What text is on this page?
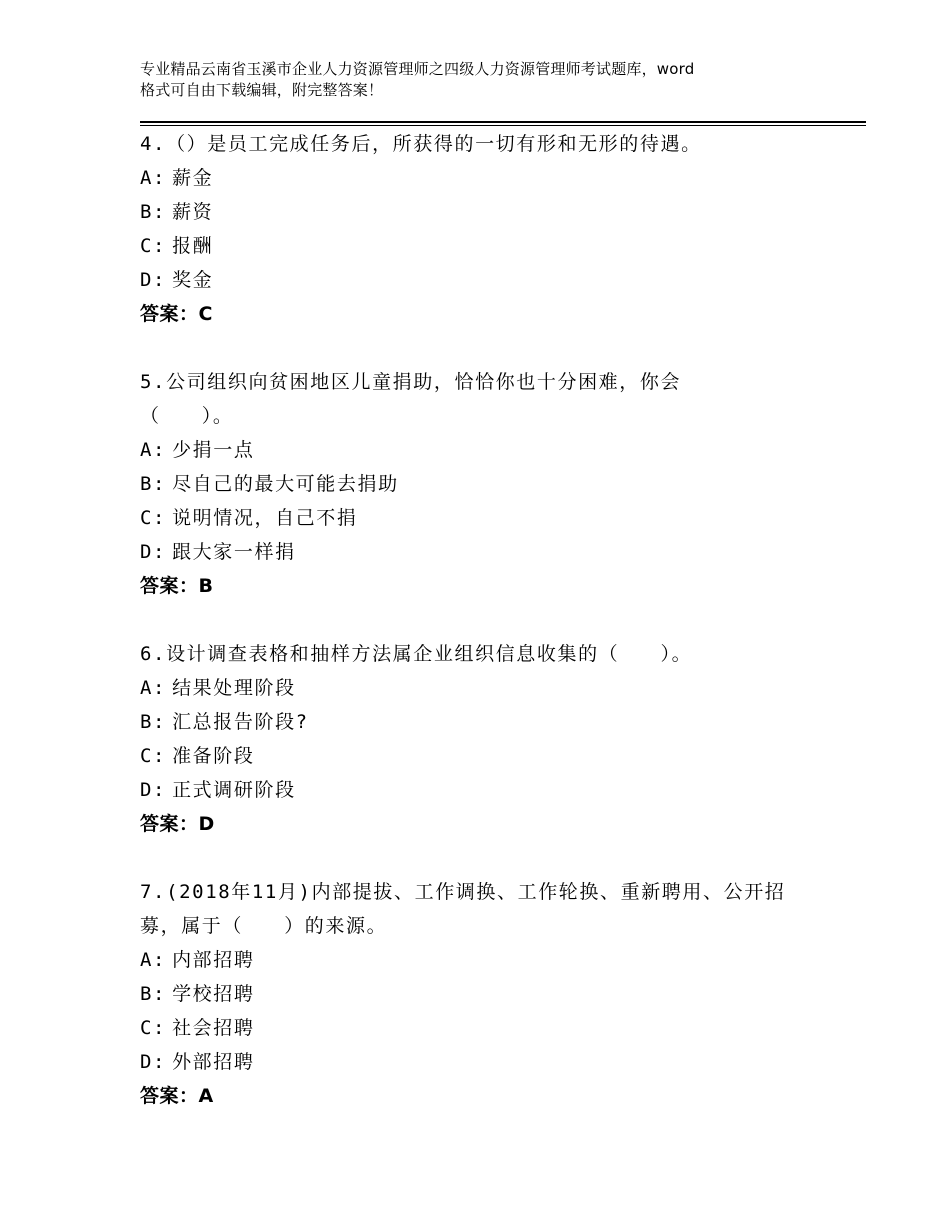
专业精品云南省玉溪市企业人力资源管理师之四级人力资源管理师考试题库，word
格式可自由下载编辑，附完整答案！
4.（）是员工完成任务后，所获得的一切有形和无形的待遇。
A: 薪金
B: 薪资
C: 报酬
D: 奖金
答案：C
5.公司组织向贫困地区儿童捐助，恰恰你也十分困难，你会
（　　）。
A: 少捐一点
B: 尽自己的最大可能去捐助
C: 说明情况，自己不捐
D: 跟大家一样捐
答案：B
6.设计调查表格和抽样方法属企业组织信息收集的（　　）。
A: 结果处理阶段
B: 汇总报告阶段?
C: 准备阶段
D: 正式调研阶段
答案：D
7.(2018年11月)内部提拔、工作调换、工作轮换、重新聘用、公开招
募，属于（　　）的来源。
A: 内部招聘
B: 学校招聘
C: 社会招聘
D: 外部招聘
答案：A
